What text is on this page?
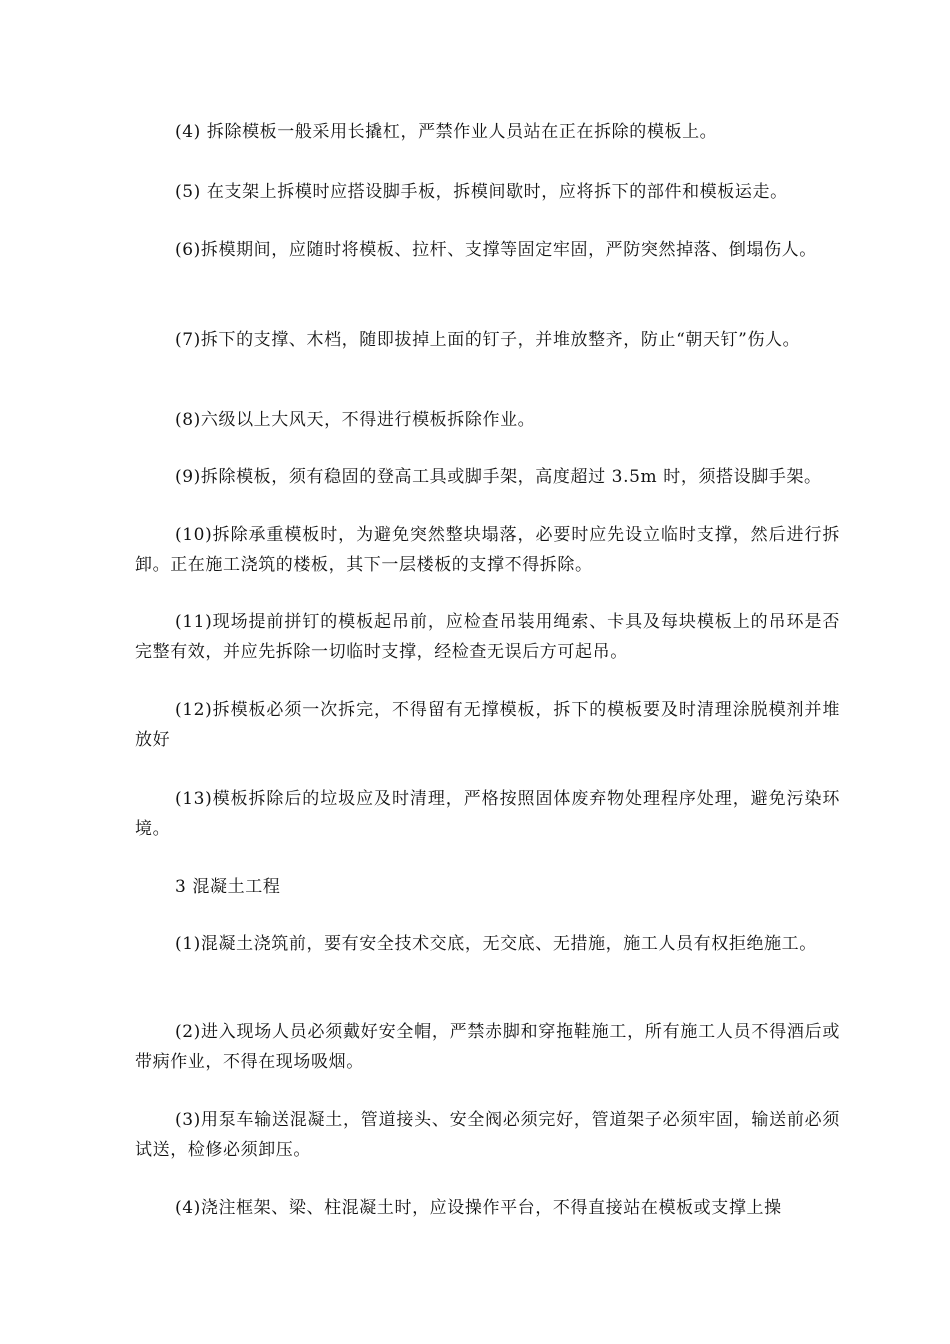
(4) 拆除模板一般采用长撬杠，严禁作业人员站在正在拆除的模板上。

(5) 在支架上拆模时应搭设脚手板，拆模间歇时，应将拆下的部件和模板运走。

(6)拆模期间，应随时将模板、拉杆、支撑等固定牢固，严防突然掉落、倒塌伤人。

(7)拆下的支撑、木档，随即拔掉上面的钉子，并堆放整齐，防止“朝天钉”伤人。

(8)六级以上大风天，不得进行模板拆除作业。

(9)拆除模板，须有稳固的登高工具或脚手架，高度超过 3.5m 时，须搭设脚手架。

(10)拆除承重模板时，为避免突然整块塌落，必要时应先设立临时支撑，然后进行拆卸。正在施工浇筑的楼板，其下一层楼板的支撑不得拆除。

(11)现场提前拼钉的模板起吊前，应检查吊装用绳索、卡具及每块模板上的吊环是否完整有效，并应先拆除一切临时支撑，经检查无误后方可起吊。

(12)拆模板必须一次拆完，不得留有无撑模板，拆下的模板要及时清理涂脱模剂并堆放好

(13)模板拆除后的垃圾应及时清理，严格按照固体废弃物处理程序处理，避免污染环境。

3 混凝土工程

(1)混凝土浇筑前，要有安全技术交底，无交底、无措施，施工人员有权拒绝施工。

(2)进入现场人员必须戴好安全帽，严禁赤脚和穿拖鞋施工，所有施工人员不得酒后或带病作业，不得在现场吸烟。

(3)用泵车输送混凝土，管道接头、安全阀必须完好，管道架子必须牢固，输送前必须试送，检修必须卸压。

(4)浇注框架、梁、柱混凝土时，应设操作平台，不得直接站在模板或支撑上操
